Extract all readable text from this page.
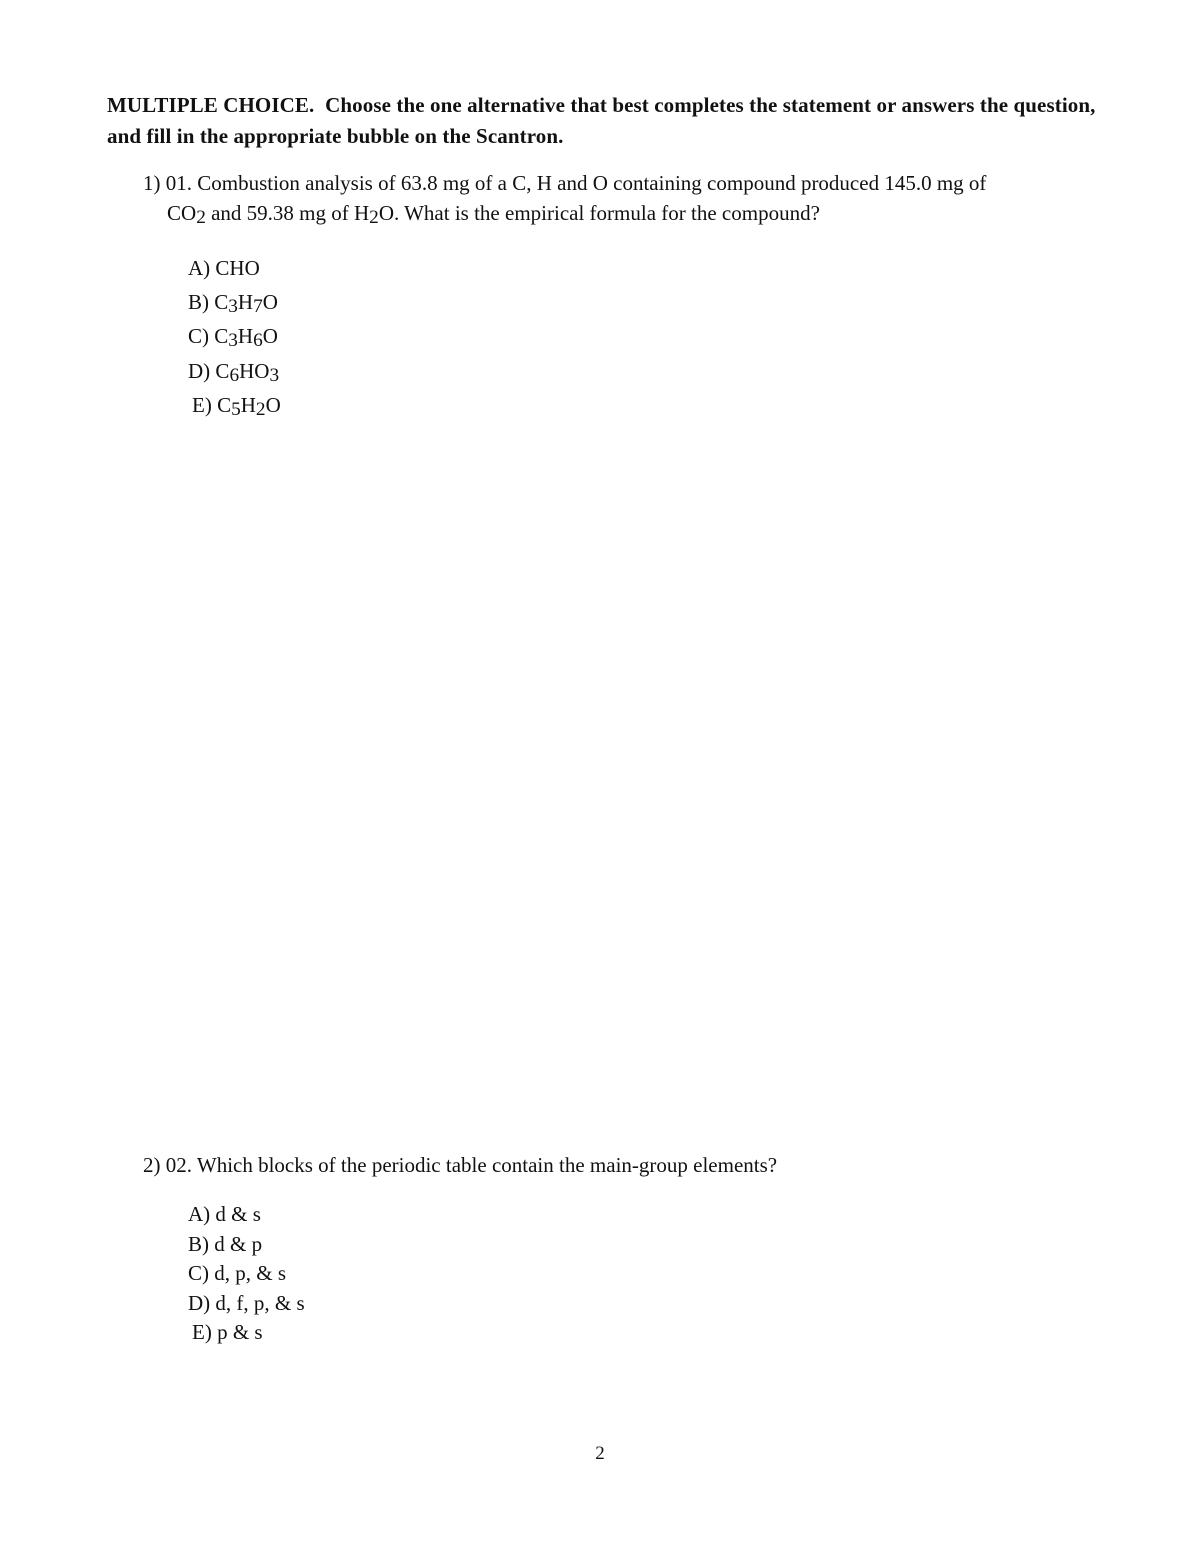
MULTIPLE CHOICE. Choose the one alternative that best completes the statement or answers the question, and fill in the appropriate bubble on the Scantron.
1) 01. Combustion analysis of 63.8 mg of a C, H and O containing compound produced 145.0 mg of
CO2 and 59.38 mg of H2O. What is the empirical formula for the compound?
A) CHO
B) C3H7O
C) C3H6O
D) C6HO3
E) C5H2O
2) 02. Which blocks of the periodic table contain the main-group elements?
A) d & s
B) d & p
C) d, p, & s
D) d, f, p, & s
E) p & s
2
